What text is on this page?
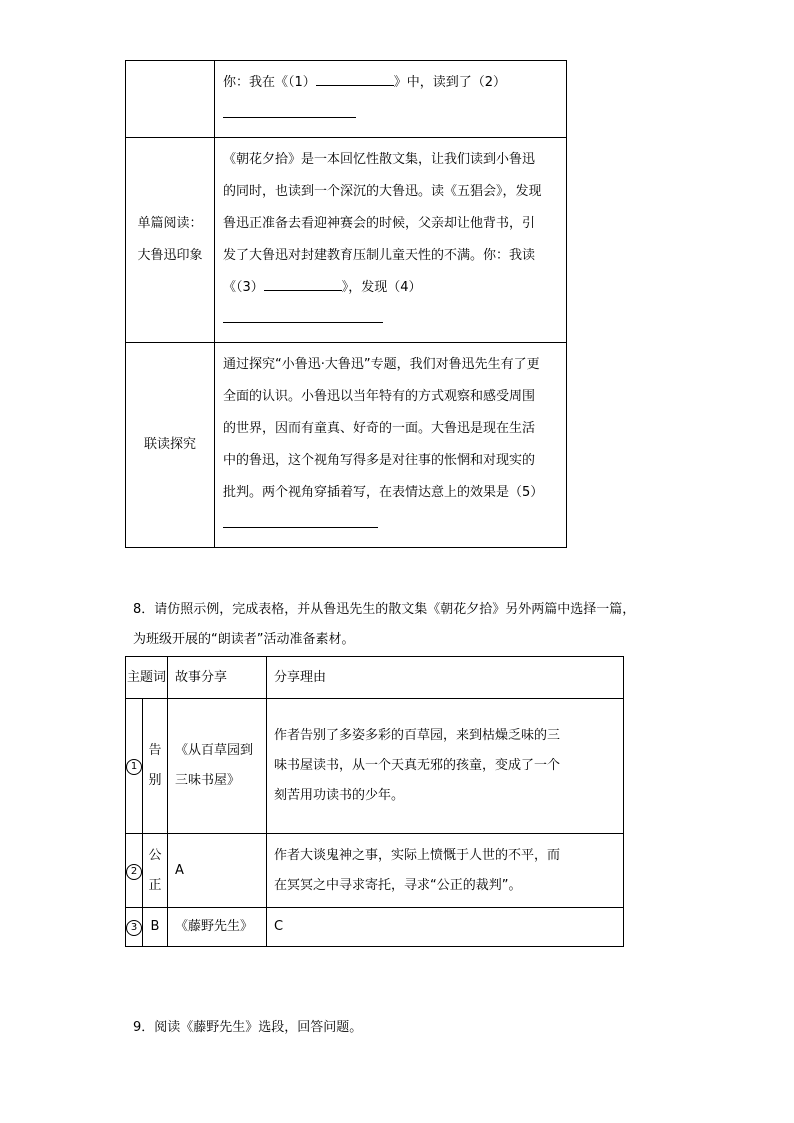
	你：我在《（1） 》中，读到了（2）

单篇阅读：
大鲁迅印象	《朝花夕拾》是一本回忆性散文集，让我们读到小鲁迅
的同时，也读到一个深沉的大鲁迅。读《五猖会》，发现
鲁迅正准备去看迎神赛会的时候，父亲却让他背书，引
发了大鲁迅对封建教育压制儿童天性的不满。你：我读
《（3） 》，发现（4）

联读探究	通过探究“小鲁迅·大鲁迅”专题，我们对鲁迅先生有了更
全面的认识。小鲁迅以当年特有的方式观察和感受周围
的世界，因而有童真、好奇的一面。大鲁迅是现在生活
中的鲁迅，这个视角写得多是对往事的怅惘和对现实的
批判。两个视角穿插着写，在表情达意上的效果是（5）

8．请仿照示例，完成表格，并从鲁迅先生的散文集《朝花夕拾》另外两篇中选择一篇，
为班级开展的“朗读者”活动准备素材。

主题词		故事分享	分享理由
1	告
别	《从百草园到
三味书屋》	作者告别了多姿多彩的百草园，来到枯燥乏味的三
味书屋读书，从一个天真无邪的孩童，变成了一个
刻苦用功读书的少年。
2	公
正	A	作者大谈鬼神之事，实际上愤慨于人世的不平，而
在冥冥之中寻求寄托，寻求“公正的裁判”。
3	B	《藤野先生》	C

9．阅读《藤野先生》选段，回答问题。
